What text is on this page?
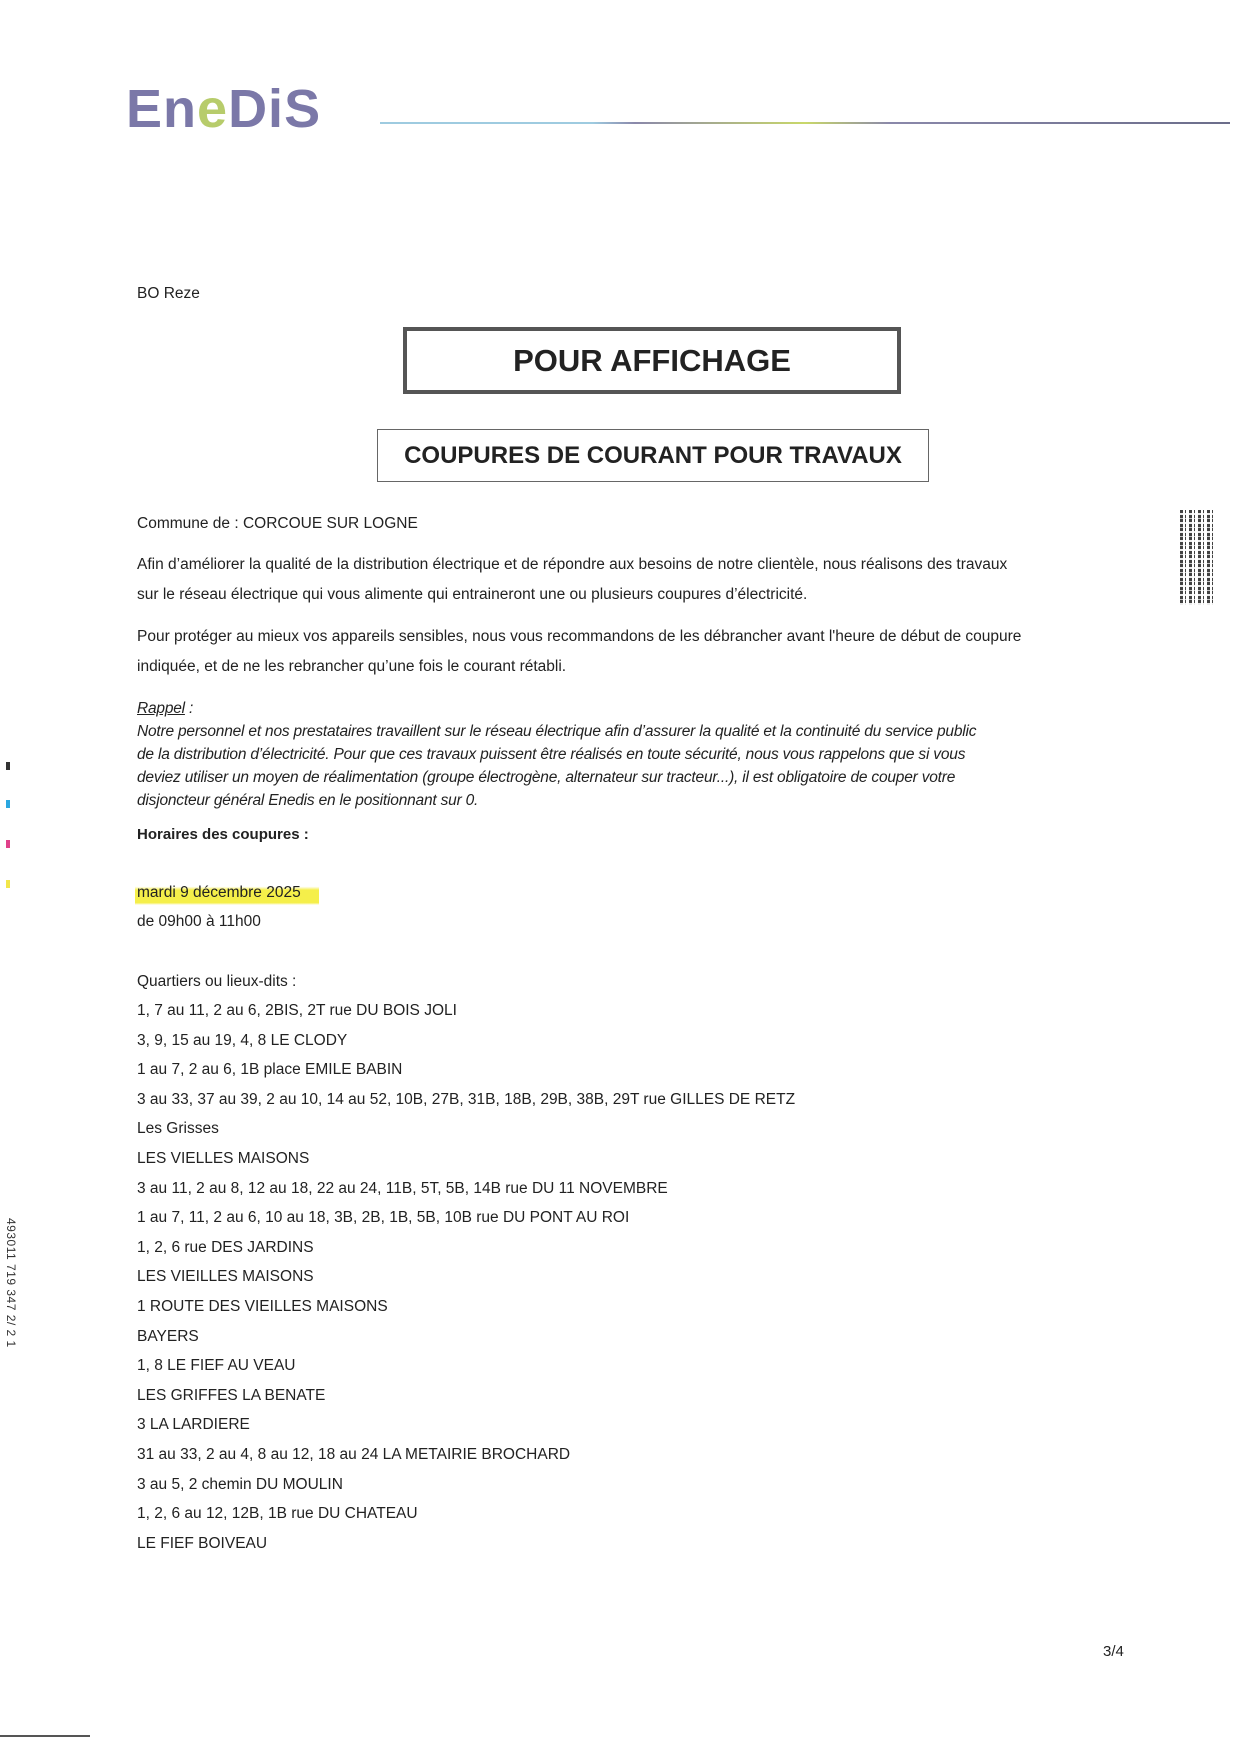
EneDiS
BO Reze
POUR AFFICHAGE
COUPURES DE COURANT POUR TRAVAUX
Commune de : CORCOUE SUR LOGNE
Afin d’améliorer la qualité de la distribution électrique et de répondre aux besoins de notre clientèle, nous réalisons des travaux
sur le réseau électrique qui vous alimente qui entraineront une ou plusieurs coupures d’électricité.
Pour protéger au mieux vos appareils sensibles, nous vous recommandons de les débrancher avant l'heure de début de coupure
indiquée, et de ne les rebrancher qu’une fois le courant rétabli.
Rappel :
Notre personnel et nos prestataires travaillent sur le réseau électrique afin d’assurer la qualité et la continuité du service public
de la distribution d’électricité. Pour que ces travaux puissent être réalisés en toute sécurité, nous vous rappelons que si vous
deviez utiliser un moyen de réalimentation (groupe électrogène, alternateur sur tracteur...), il est obligatoire de couper votre
disjoncteur général Enedis en le positionnant sur 0.
Horaires des coupures :
mardi 9 décembre 2025
de 09h00 à 11h00
Quartiers ou lieux-dits :
1, 7 au 11, 2 au 6, 2BIS, 2T rue DU BOIS JOLI
3, 9, 15 au 19, 4, 8 LE CLODY
1 au 7, 2 au 6, 1B place EMILE BABIN
3 au 33, 37 au 39, 2 au 10, 14 au 52, 10B, 27B, 31B, 18B, 29B, 38B, 29T rue GILLES DE RETZ
Les Grisses
LES VIELLES MAISONS
3 au 11, 2 au 8, 12 au 18, 22 au 24, 11B, 5T, 5B, 14B rue DU 11 NOVEMBRE
1 au 7, 11, 2 au 6, 10 au 18, 3B, 2B, 1B, 5B, 10B rue DU PONT AU ROI
1, 2, 6 rue DES JARDINS
LES VIEILLES MAISONS
1 ROUTE DES VIEILLES MAISONS
BAYERS
1, 8 LE FIEF AU VEAU
LES GRIFFES LA BENATE
3 LA LARDIERE
31 au 33, 2 au 4, 8 au 12, 18 au 24 LA METAIRIE BROCHARD
3 au 5, 2 chemin DU MOULIN
1, 2, 6 au 12, 12B, 1B rue DU CHATEAU
LE FIEF BOIVEAU
3/4
493011 719 347 2/ 2 1
